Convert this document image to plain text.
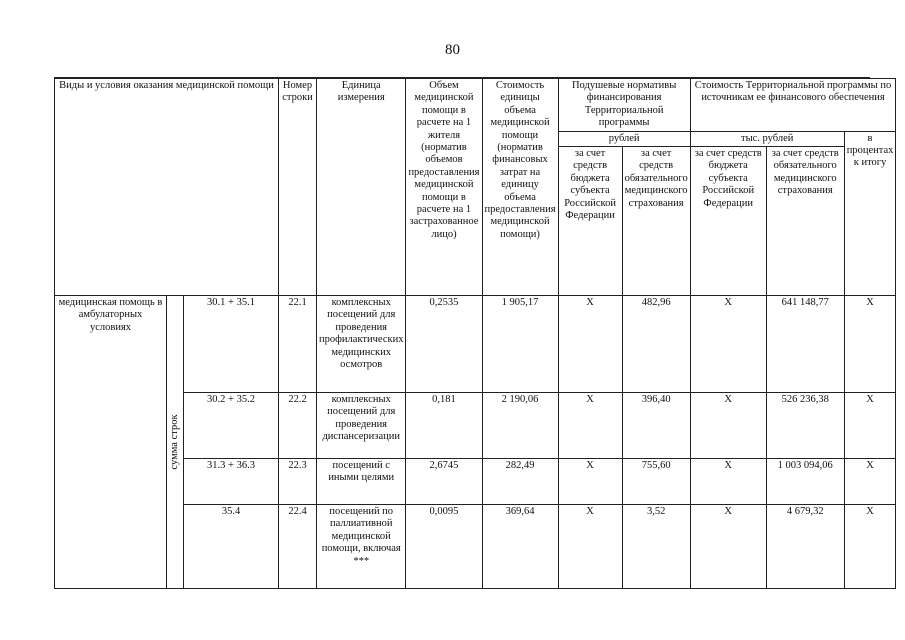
80
Виды и условия оказания медицинской помощи			Номер строки	Единица измерения	Объем медицинской помощи в расчете на 1 жителя (норматив объемов предоставления медицинской помощи в расчете на 1 застрахованное лицо)	Стоимость единицы объема медицинской помощи (норматив финансовых затрат на единицу объема предоставления медицинской помощи)	Подушевые нормативы финансирования Территориальной программы		Стоимость Территориальной программы по источникам ее финансового обеспечения		
							рублей		тыс. рублей		в процентах к итогу
							за счет средств бюджета субъекта Российской Федерации	за счет средств обязательного медицинского страхования	за счет средств бюджета субъекта Российской Федерации	за счет средств обязательного медицинского страхования	
медицинская помощь в амбулаторных условиях	сумма строк	30.1 + 35.1	22.1	комплексных посещений для проведения профилактических медицинских осмотров	0,2535	1 905,17	Х	482,96	Х	641 148,77	Х
		30.2 + 35.2	22.2	комплексных посещений для проведения диспансеризации	0,181	2 190,06	Х	396,40	Х	526 236,38	Х
		31.3 + 36.3	22.3	посещений с иными целями	2,6745	282,49	Х	755,60	Х	1 003 094,06	Х
		35.4	22.4	посещений по паллиативной медицинской помощи, включая ***	0,0095	369,64	Х	3,52	Х	4 679,32	Х
